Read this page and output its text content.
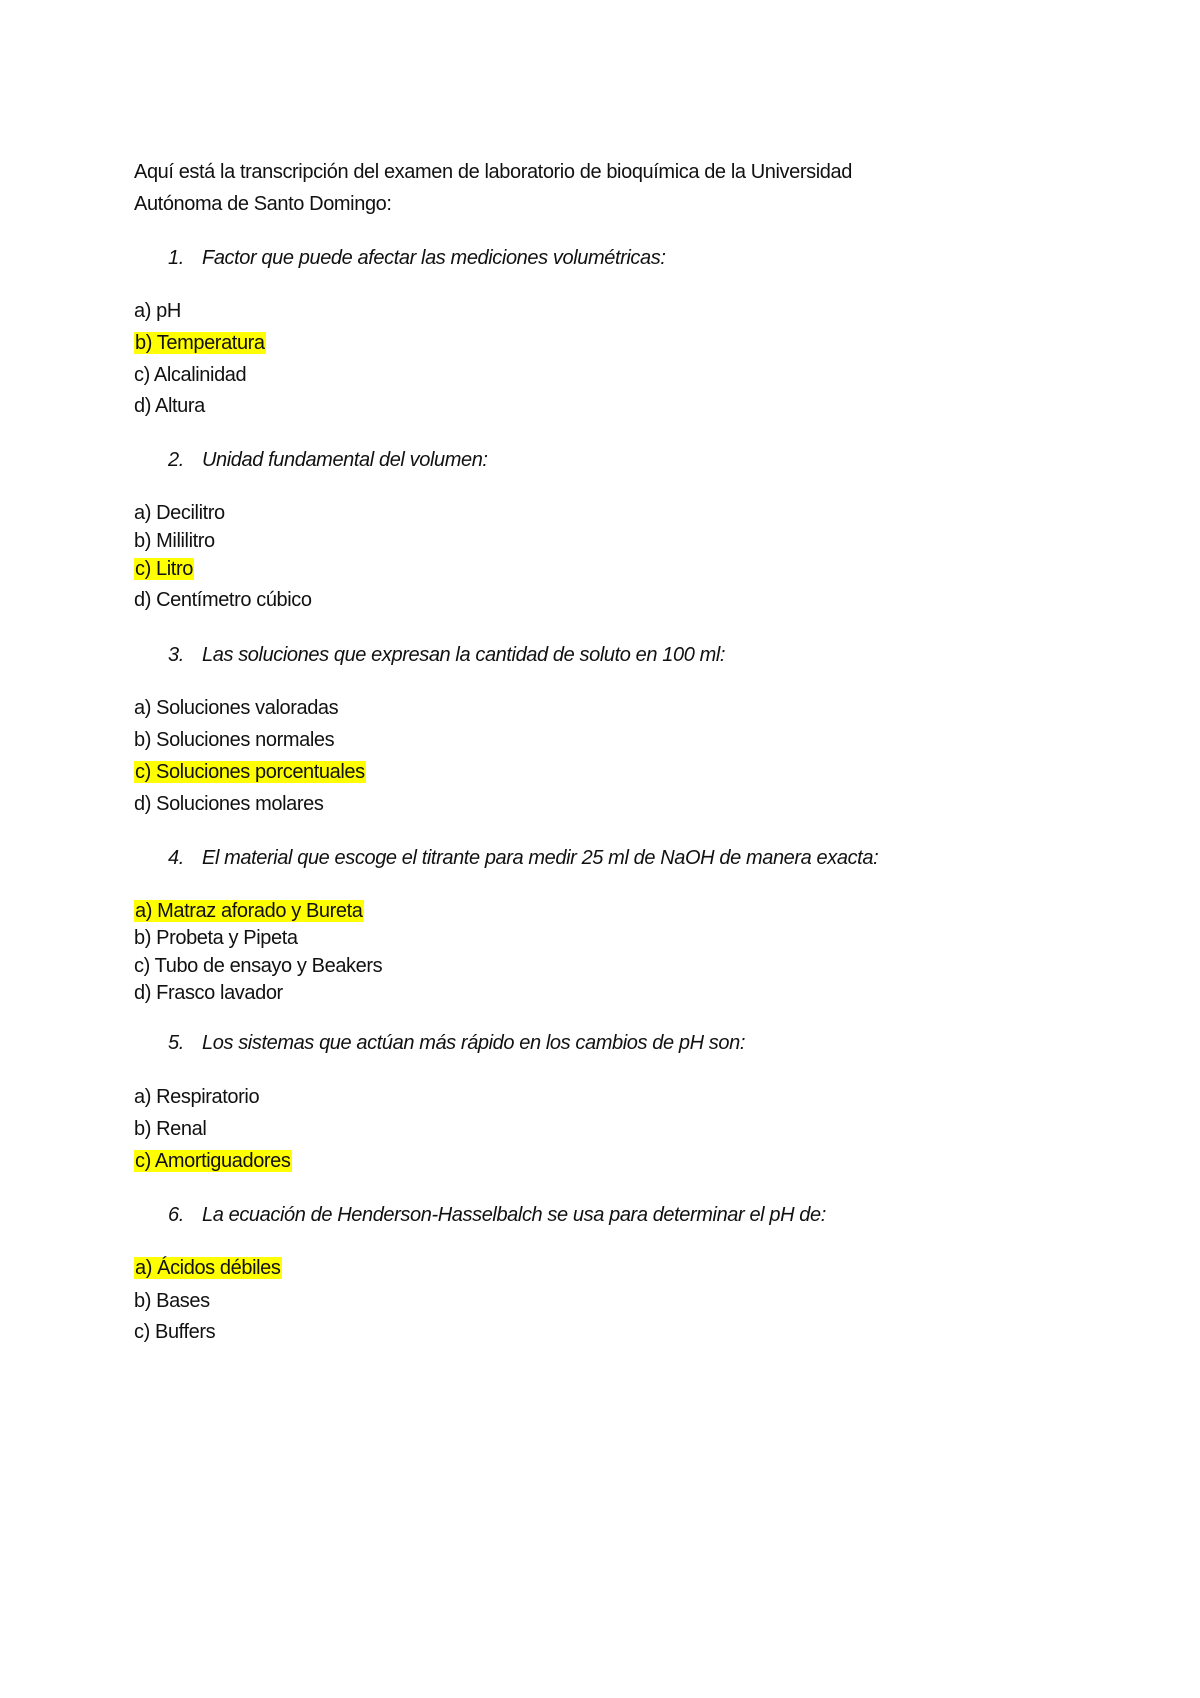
Aquí está la transcripción del examen de laboratorio de bioquímica de la Universidad
Autónoma de Santo Domingo:
1. Factor que puede afectar las mediciones volumétricas:
a) pH
b) Temperatura
c) Alcalinidad
d) Altura
2. Unidad fundamental del volumen:
a) Decilitro
b) Mililitro
c) Litro
d) Centímetro cúbico
3. Las soluciones que expresan la cantidad de soluto en 100 ml:
a) Soluciones valoradas
b) Soluciones normales
c) Soluciones porcentuales
d) Soluciones molares
4. El material que escoge el titrante para medir 25 ml de NaOH de manera exacta:
a) Matraz aforado y Bureta
b) Probeta y Pipeta
c) Tubo de ensayo y Beakers
d) Frasco lavador
5. Los sistemas que actúan más rápido en los cambios de pH son:
a) Respiratorio
b) Renal
c) Amortiguadores
6. La ecuación de Henderson-Hasselbalch se usa para determinar el pH de:
a) Ácidos débiles
b) Bases
c) Buffers
